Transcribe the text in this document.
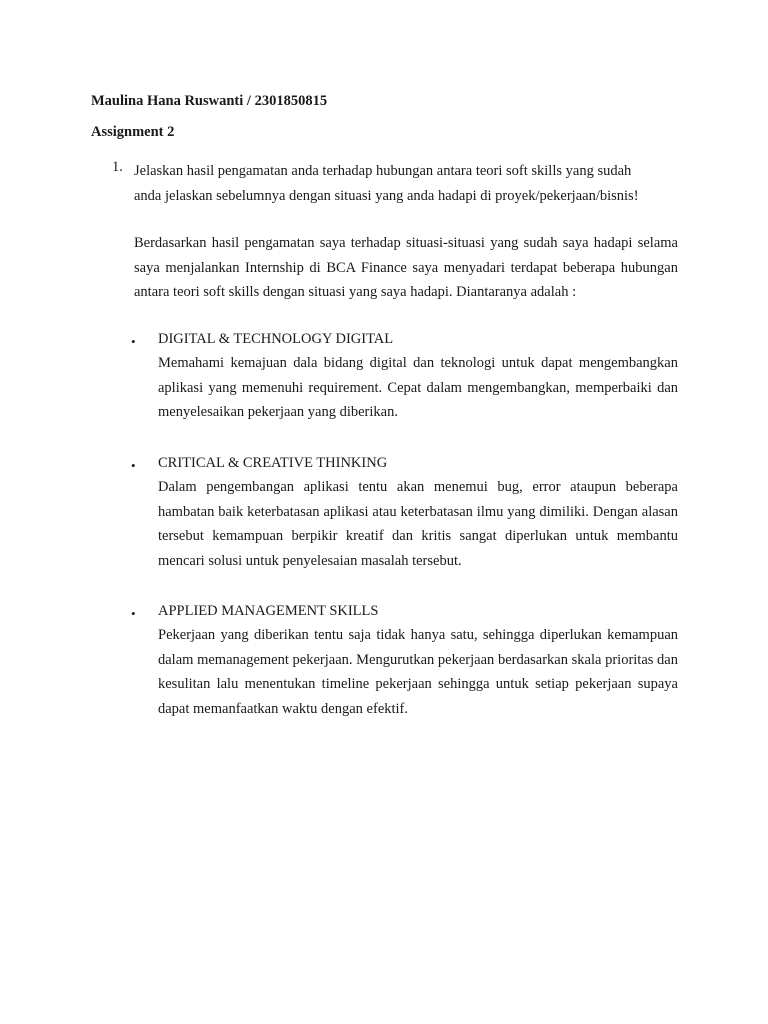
Maulina Hana Ruswanti / 2301850815
Assignment 2
1. Jelaskan hasil pengamatan anda terhadap hubungan antara teori soft skills yang sudah anda jelaskan sebelumnya dengan situasi yang anda hadapi di proyek/pekerjaan/bisnis!
Berdasarkan hasil pengamatan saya terhadap situasi-situasi yang sudah saya hadapi selama saya menjalankan Internship di BCA Finance saya menyadari terdapat beberapa hubungan antara teori soft skills dengan situasi yang saya hadapi. Diantaranya adalah :
• DIGITAL & TECHNOLOGY DIGITAL
Memahami kemajuan dala bidang digital dan teknologi untuk dapat mengembangkan aplikasi yang memenuhi requirement. Cepat dalam mengembangkan, memperbaiki dan menyelesaikan pekerjaan yang diberikan.
• CRITICAL & CREATIVE THINKING
Dalam pengembangan aplikasi tentu akan menemui bug, error ataupun beberapa hambatan baik keterbatasan aplikasi atau keterbatasan ilmu yang dimiliki. Dengan alasan tersebut kemampuan berpikir kreatif dan kritis sangat diperlukan untuk membantu mencari solusi untuk penyelesaian masalah tersebut.
• APPLIED MANAGEMENT SKILLS
Pekerjaan yang diberikan tentu saja tidak hanya satu, sehingga diperlukan kemampuan dalam memanagement pekerjaan. Mengurutkan pekerjaan berdasarkan skala prioritas dan kesulitan lalu menentukan timeline pekerjaan sehingga untuk setiap pekerjaan supaya dapat memanfaatkan waktu dengan efektif.
